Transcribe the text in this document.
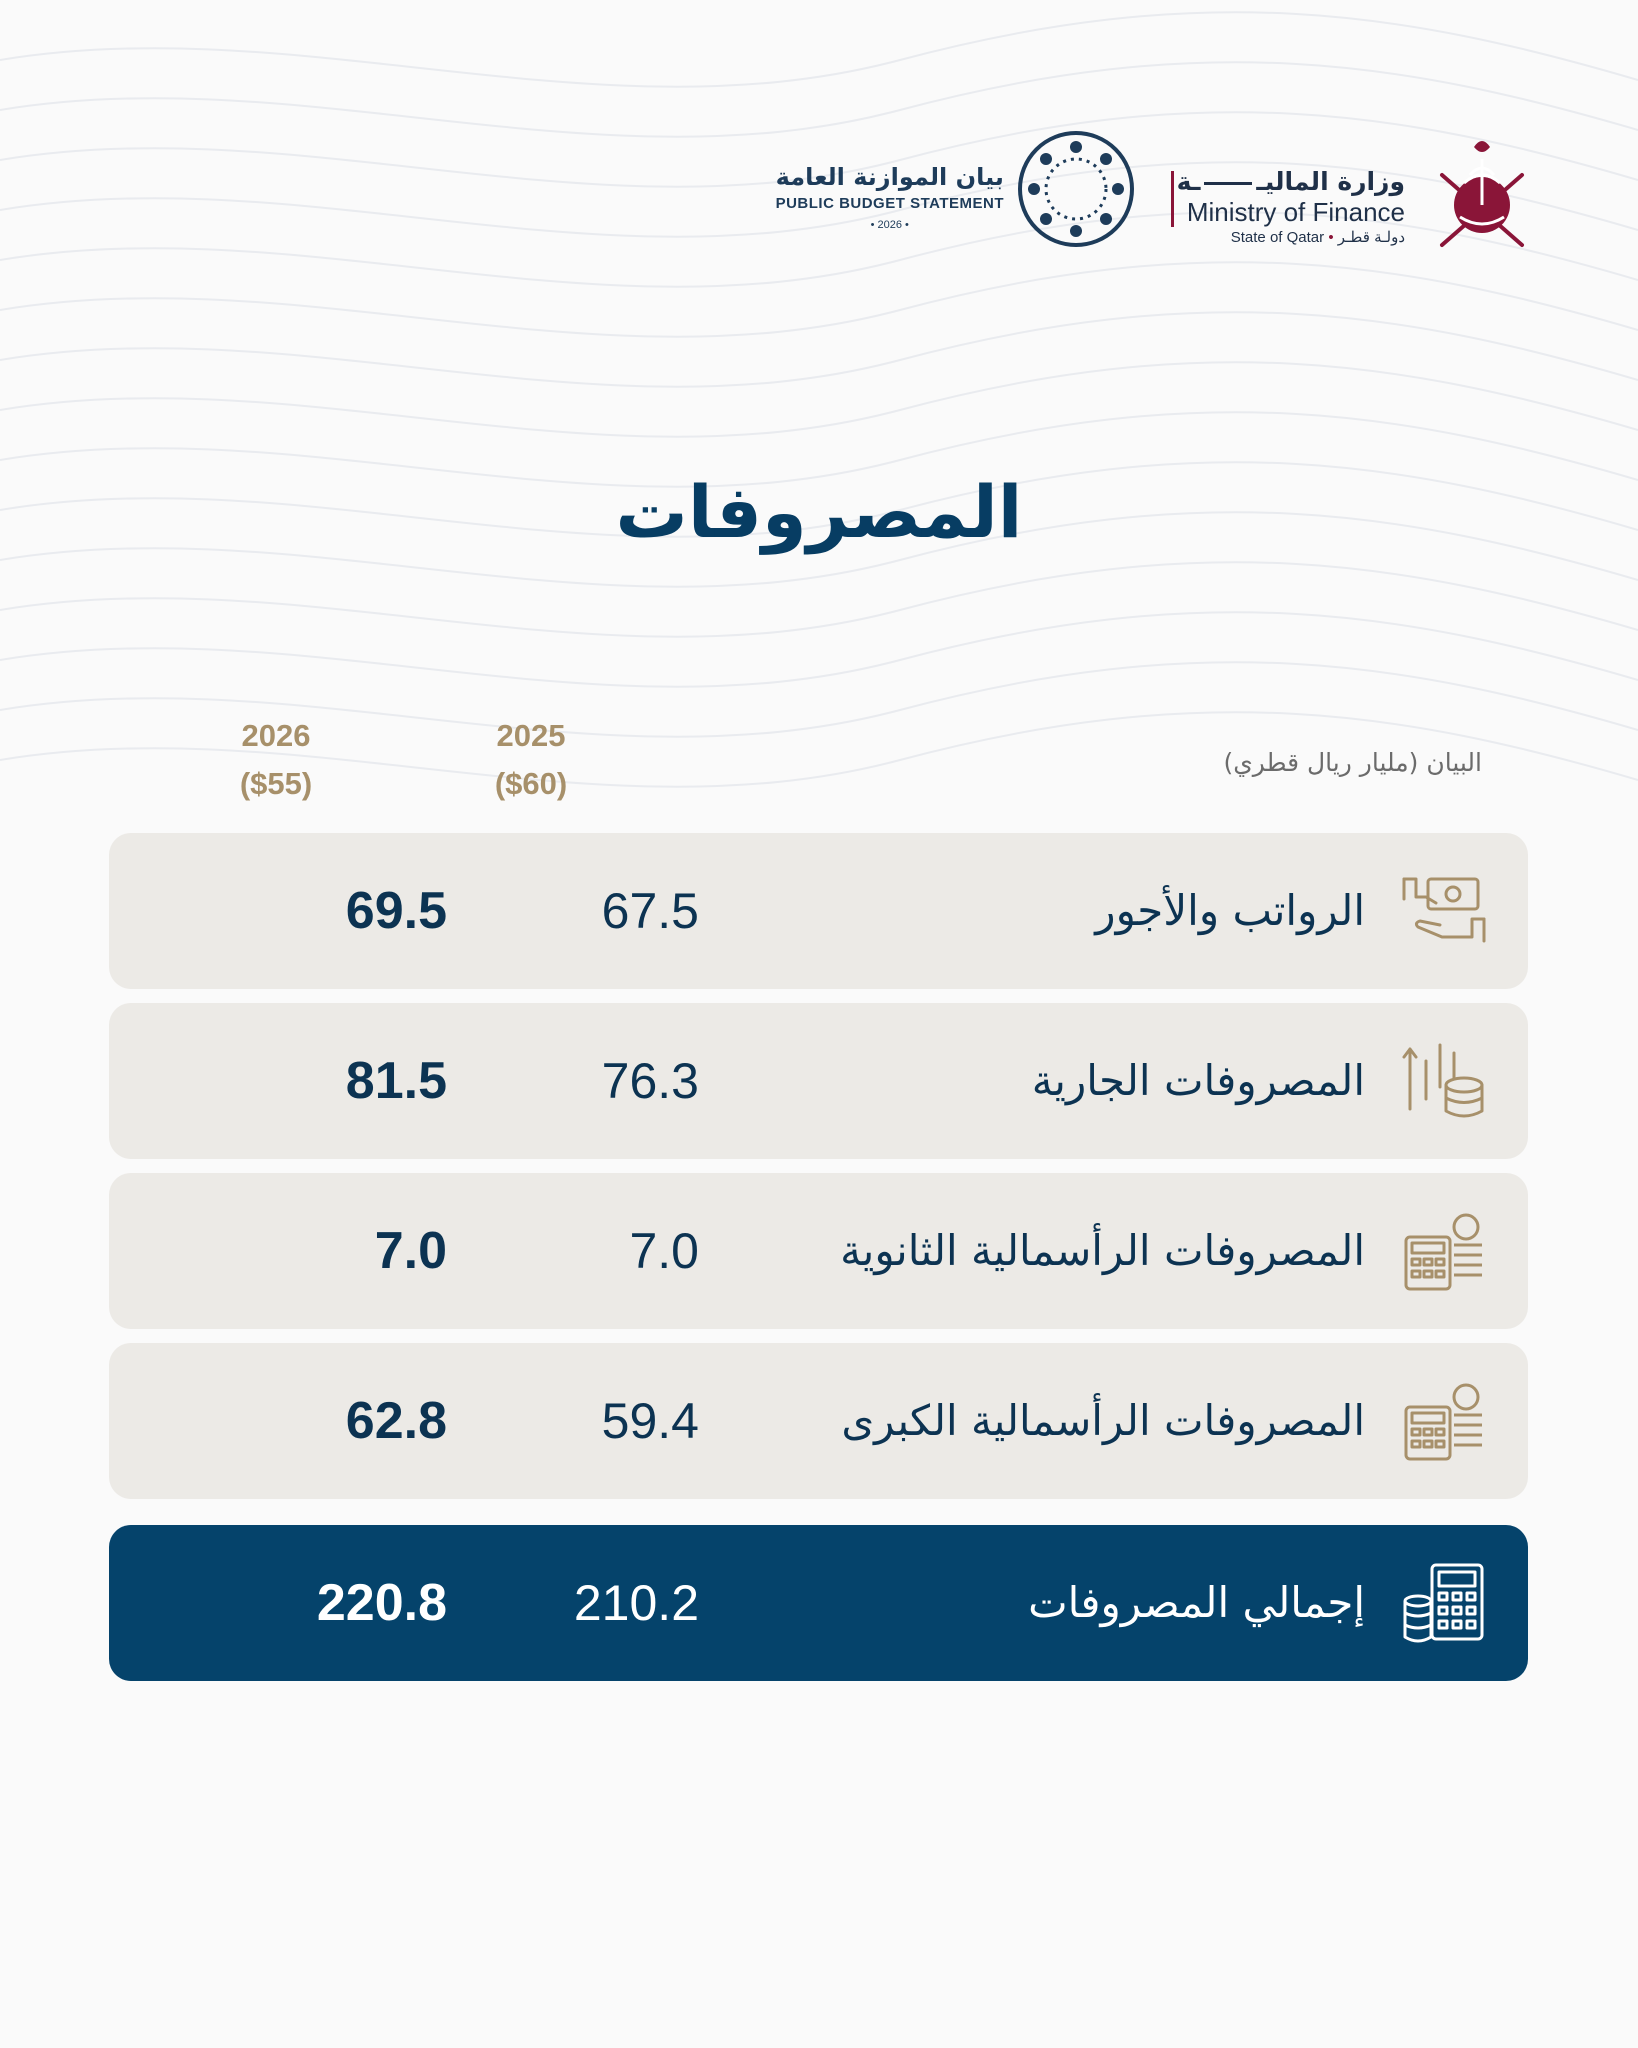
وزارة الماليــة
Ministry of Finance
State of Qatar • دولـة قطـر
بيان الموازنة العامة
PUBLIC BUDGET STATEMENT
• 2026 •
المصروفات
2026
($55)
2025
($60)
البيان (مليار ريال قطري)
الرواتب والأجور
67.5
69.5
المصروفات الجارية
76.3
81.5
المصروفات الرأسمالية الثانوية
7.0
7.0
المصروفات الرأسمالية الكبرى
59.4
62.8
إجمالي المصروفات
210.2
220.8
